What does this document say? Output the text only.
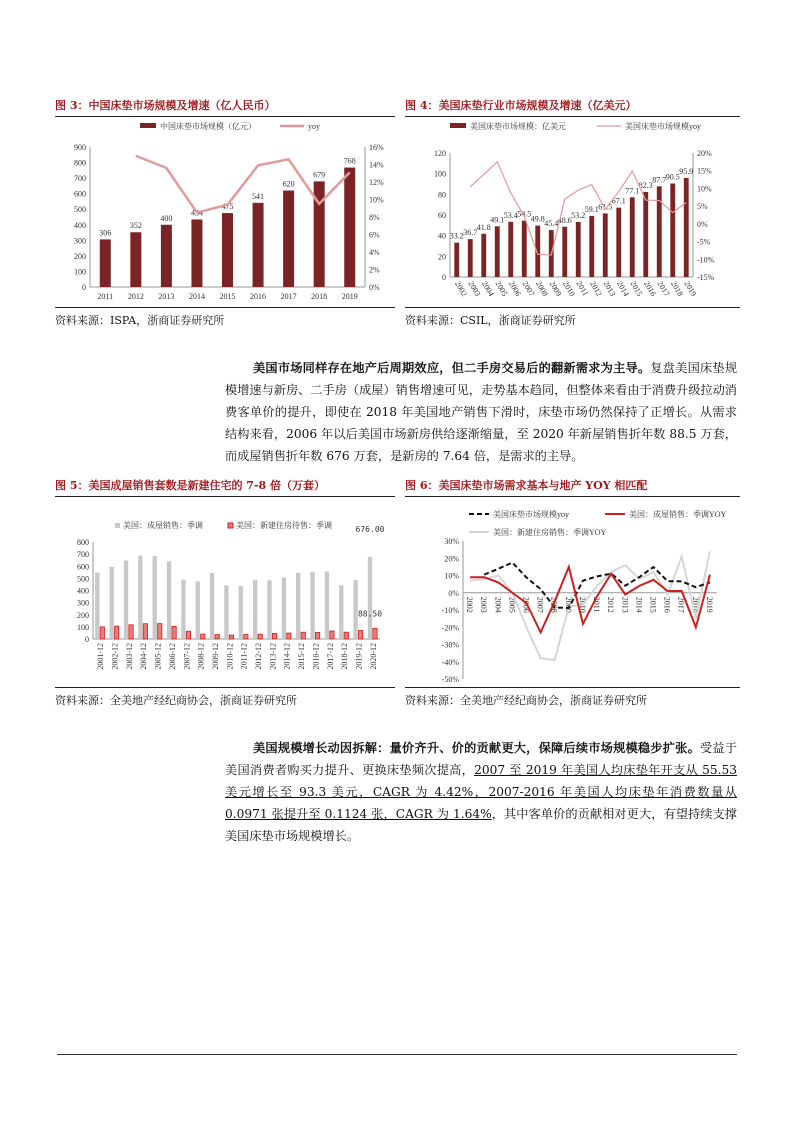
图 3：中国床垫市场规模及增速（亿人民币）
0
100
200
300
400
500
600
700
800
900
0%
2%
4%
6%
8%
10%
12%
14%
16%
306
2011
352
2012
400
2013
434
2014
475
2015
541
2016
620
2017
679
2018
768
2019
中国床垫市场规模（亿元）	yoy
资料来源：ISPA，浙商证券研究所
图 4：美国床垫行业市场规模及增速（亿美元）
0
20
40
60
80
100
120
-15%
-10%
-5%
0%
5%
10%
15%
20%
33.2
2002
36.7
2003
41.8
2004
49.1
2005
53.4
2006
54.5
2007
49.8
2008
45.4
2009
48.6
2010
53.2
2011
59.1
2012
61.5
2013
67.1
2014
77.1
2015
82.3
2016
87.7
2017
90.5
2018
95.9
2019
美国床垫市场规模：亿美元	美国床垫市场规模yoy
资料来源：CSIL，浙商证券研究所
美国市场同样存在地产后周期效应，但二手房交易后的翻新需求为主导。复盘美国床垫规模增速与新房、二手房（成屋）销售增速可见，走势基本趋同，但整体来看由于消费升级拉动消费客单价的提升，即使在 2018 年美国地产销售下滑时，床垫市场仍然保持了正增长。从需求结构来看，2006 年以后美国市场新房供给逐渐缩量，至 2020 年新屋销售折年数 88.5 万套，而成屋销售折年数 676 万套，是新房的 7.64 倍，是需求的主导。
图 5：美国成屋销售套数是新建住宅的 7-8 倍（万套）
0
100
200
300
400
500
600
700
800
2001-12 2002-12 2003-12 2004-12 2005-12 2006-12 2007-12 2008-12 2009-12 2010-12 2011-12 2012-12 2013-12 2014-12 2015-12 2016-12 2017-12 2018-12 2019-12 2020-12
676.00
88.50
美国：成屋销售：季调	美国：新建住房待售：季调
资料来源：全美地产经纪商协会，浙商证券研究所
图 6：美国床垫市场需求基本与地产 YOY 相匹配
-50%
-40%
-30%
-20%
-10%
0%
10%
20%
30%
2002 2003 2004 2005 2006 2007 2008 2009 2010 2011 2012 2013 2014 2015 2016 2017 2018 2019
美国床垫市场规模yoy	美国：成屋销售：季调YOY
美国：新建住房销售：季调YOY
资料来源：全美地产经纪商协会，浙商证券研究所
美国规模增长动因拆解：量价齐升、价的贡献更大，保障后续市场规模稳步扩张。受益于美国消费者购买力提升、更换床垫频次提高，2007 至 2019 年美国人均床垫年开支从 55.53 美元增长至 93.3 美元，CAGR 为 4.42%，2007-2016 年美国人均床垫年消费数量从 0.0971 张提升至 0.1124 张，CAGR 为 1.64%，其中客单价的贡献相对更大，有望持续支撑美国床垫市场规模增长。
